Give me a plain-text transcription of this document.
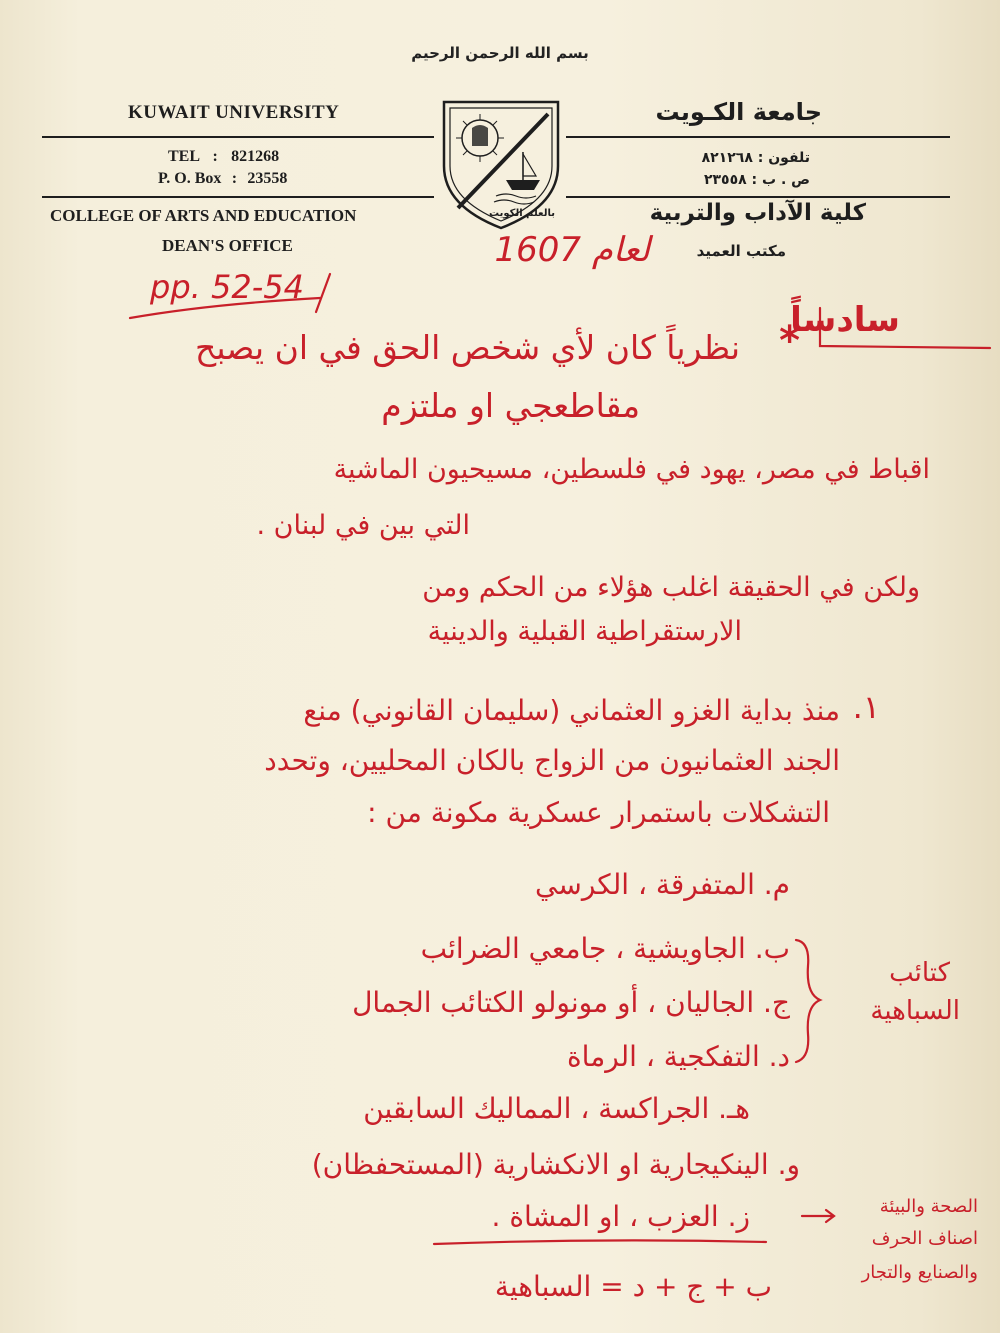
بسم الله الرحمن الرحيم
KUWAIT UNIVERSITY	جامعة الكـويت
TEL : 821268
P. O. Box : 23558
تلفون : ٨٢١٢٦٨
ص . ب : ٢٣٥٥٨
بالعلم الكويت
COLLEGE OF ARTS AND EDUCATION	كلية الآداب والتربية
DEAN'S OFFICE	مكتب العميد
لعام 1607
pp. 52-54
سادساً
*
نظرياً كان لأي شخص الحق في ان يصبح
مقاطعجي او ملتزم
اقباط في مصر، يهود في فلسطين، مسيحيون الماشية
التي بين في لبنان .
ولكن في الحقيقة اغلب هؤلاء من الحكم ومن
الارستقراطية القبلية والدينية
١.
منذ بداية الغزو العثماني (سليمان القانوني) منع
الجند العثمانيون من الزواج بالكان المحليين، وتحدد
التشكلات باستمرار عسكرية مكونة من :
م. المتفرقة ، الكرسي
ب. الجاويشية ، جامعي الضرائب
ج. الجاليان ، أو مونولو الكتائب الجمال
د. التفكجية ، الرماة
هـ. الجراكسة ، المماليك السابقين
و. الينكيجارية او الانكشارية (المستحفظان)
ز. العزب ، او المشاة .
كتائب
السباهية
الصحة والبيئة
اصناف الحرف
والصنايع والتجار
ب + ج + د = السباهية
